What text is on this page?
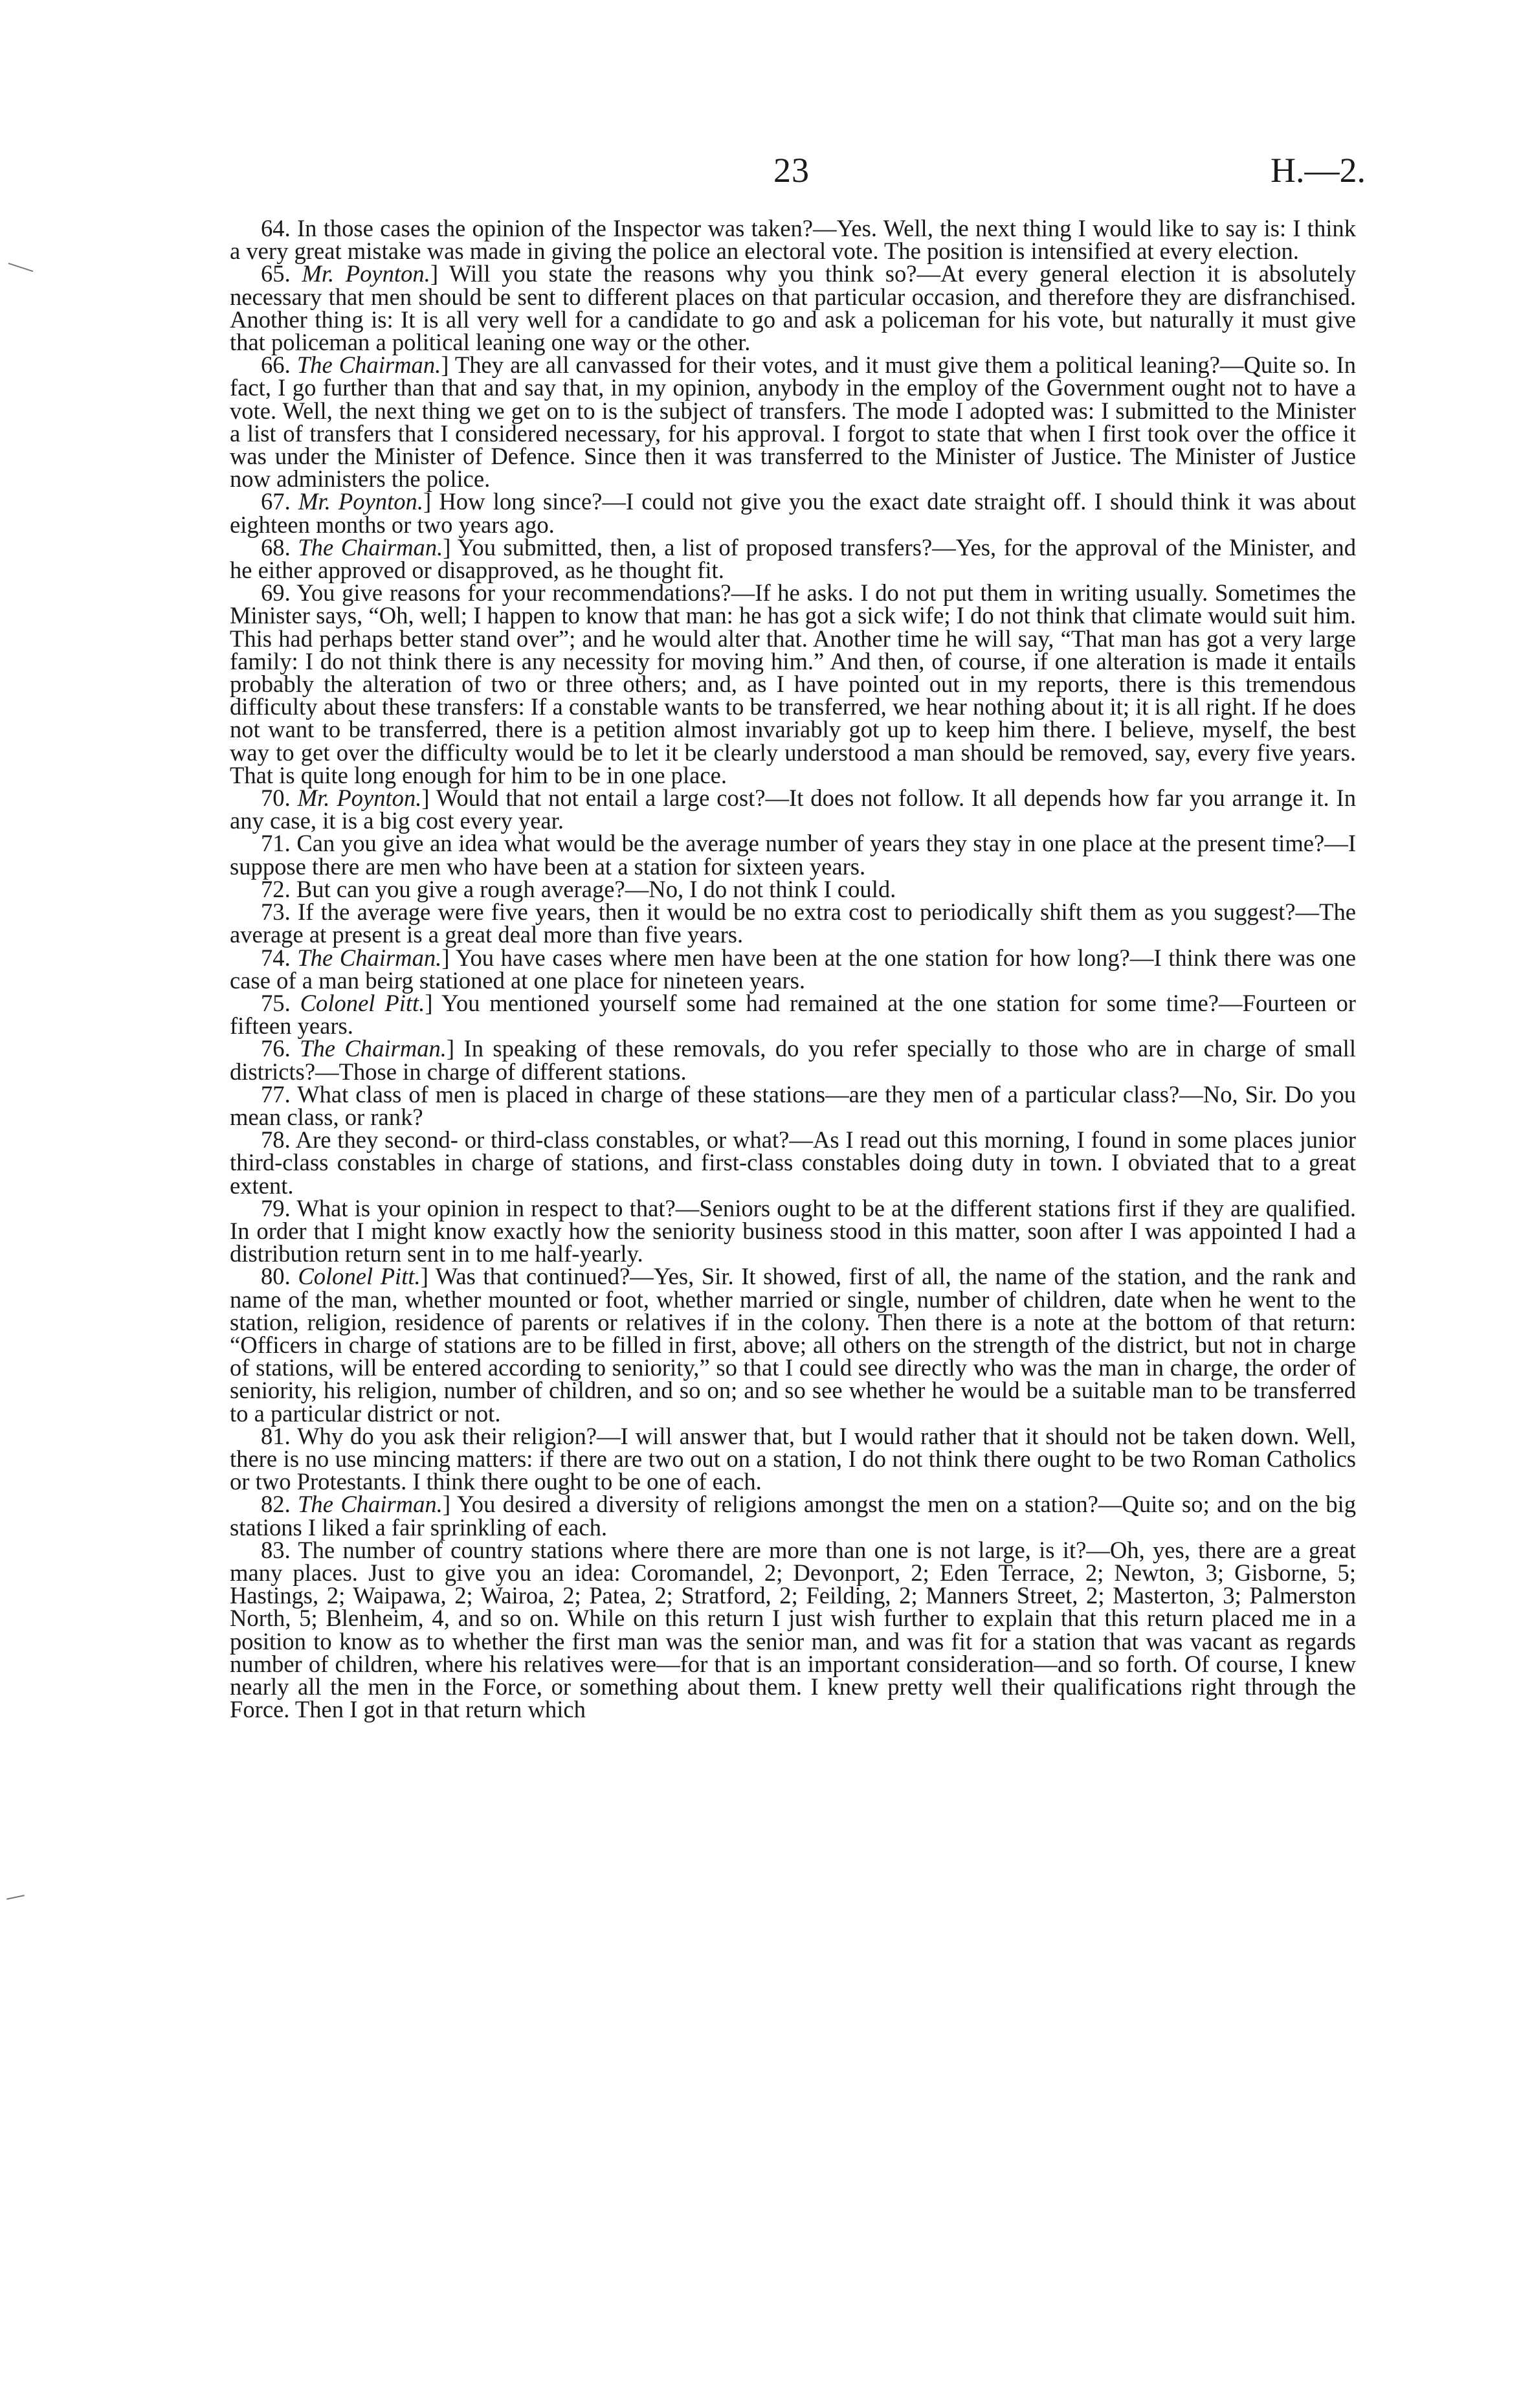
23	H.—2.

64. In those cases the opinion of the Inspector was taken?—Yes. Well, the next thing I would like to say is: I think a very great mistake was made in giving the police an electoral vote. The position is intensified at every election.

65. Mr. Poynton.] Will you state the reasons why you think so?—At every general election it is absolutely necessary that men should be sent to different places on that particular occasion, and therefore they are disfranchised. Another thing is: It is all very well for a candidate to go and ask a policeman for his vote, but naturally it must give that policeman a political leaning one way or the other.

66. The Chairman.] They are all canvassed for their votes, and it must give them a political leaning?—Quite so. In fact, I go further than that and say that, in my opinion, anybody in the employ of the Government ought not to have a vote. Well, the next thing we get on to is the subject of transfers. The mode I adopted was: I submitted to the Minister a list of transfers that I considered necessary, for his approval. I forgot to state that when I first took over the office it was under the Minister of Defence. Since then it was transferred to the Minister of Justice. The Minister of Justice now administers the police.

67. Mr. Poynton.] How long since?—I could not give you the exact date straight off. I should think it was about eighteen months or two years ago.

68. The Chairman.] You submitted, then, a list of proposed transfers?—Yes, for the approval of the Minister, and he either approved or disapproved, as he thought fit.

69. You give reasons for your recommendations?—If he asks. I do not put them in writing usually. Sometimes the Minister says, “Oh, well; I happen to know that man: he has got a sick wife; I do not think that climate would suit him. This had perhaps better stand over”; and he would alter that. Another time he will say, “That man has got a very large family: I do not think there is any necessity for moving him.” And then, of course, if one alteration is made it entails probably the alteration of two or three others; and, as I have pointed out in my reports, there is this tremendous difficulty about these transfers: If a constable wants to be transferred, we hear nothing about it; it is all right. If he does not want to be transferred, there is a petition almost invariably got up to keep him there. I believe, myself, the best way to get over the difficulty would be to let it be clearly understood a man should be removed, say, every five years. That is quite long enough for him to be in one place.

70. Mr. Poynton.] Would that not entail a large cost?—It does not follow. It all depends how far you arrange it. In any case, it is a big cost every year.

71. Can you give an idea what would be the average number of years they stay in one place at the present time?—I suppose there are men who have been at a station for sixteen years.

72. But can you give a rough average?—No, I do not think I could.

73. If the average were five years, then it would be no extra cost to periodically shift them as you suggest?—The average at present is a great deal more than five years.

74. The Chairman.] You have cases where men have been at the one station for how long?—I think there was one case of a man beirg stationed at one place for nineteen years.

75. Colonel Pitt.] You mentioned yourself some had remained at the one station for some time?—Fourteen or fifteen years.

76. The Chairman.] In speaking of these removals, do you refer specially to those who are in charge of small districts?—Those in charge of different stations.

77. What class of men is placed in charge of these stations—are they men of a particular class?—No, Sir. Do you mean class, or rank?

78. Are they second- or third-class constables, or what?—As I read out this morning, I found in some places junior third-class constables in charge of stations, and first-class constables doing duty in town. I obviated that to a great extent.

79. What is your opinion in respect to that?—Seniors ought to be at the different stations first if they are qualified. In order that I might know exactly how the seniority business stood in this matter, soon after I was appointed I had a distribution return sent in to me half-yearly.

80. Colonel Pitt.] Was that continued?—Yes, Sir. It showed, first of all, the name of the station, and the rank and name of the man, whether mounted or foot, whether married or single, number of children, date when he went to the station, religion, residence of parents or relatives if in the colony. Then there is a note at the bottom of that return: “Officers in charge of stations are to be filled in first, above; all others on the strength of the district, but not in charge of stations, will be entered according to seniority,” so that I could see directly who was the man in charge, the order of seniority, his religion, number of children, and so on; and so see whether he would be a suitable man to be transferred to a particular district or not.

81. Why do you ask their religion?—I will answer that, but I would rather that it should not be taken down. Well, there is no use mincing matters: if there are two out on a station, I do not think there ought to be two Roman Catholics or two Protestants. I think there ought to be one of each.

82. The Chairman.] You desired a diversity of religions amongst the men on a station?—Quite so; and on the big stations I liked a fair sprinkling of each.

83. The number of country stations where there are more than one is not large, is it?—Oh, yes, there are a great many places. Just to give you an idea: Coromandel, 2; Devonport, 2; Eden Terrace, 2; Newton, 3; Gisborne, 5; Hastings, 2; Waipawa, 2; Wairoa, 2; Patea, 2; Stratford, 2; Feilding, 2; Manners Street, 2; Masterton, 3; Palmerston North, 5; Blenheim, 4, and so on. While on this return I just wish further to explain that this return placed me in a position to know as to whether the first man was the senior man, and was fit for a station that was vacant as regards number of children, where his relatives were—for that is an important consideration—and so forth. Of course, I knew nearly all the men in the Force, or something about them. I knew pretty well their qualifications right through the Force. Then I got in that return which
